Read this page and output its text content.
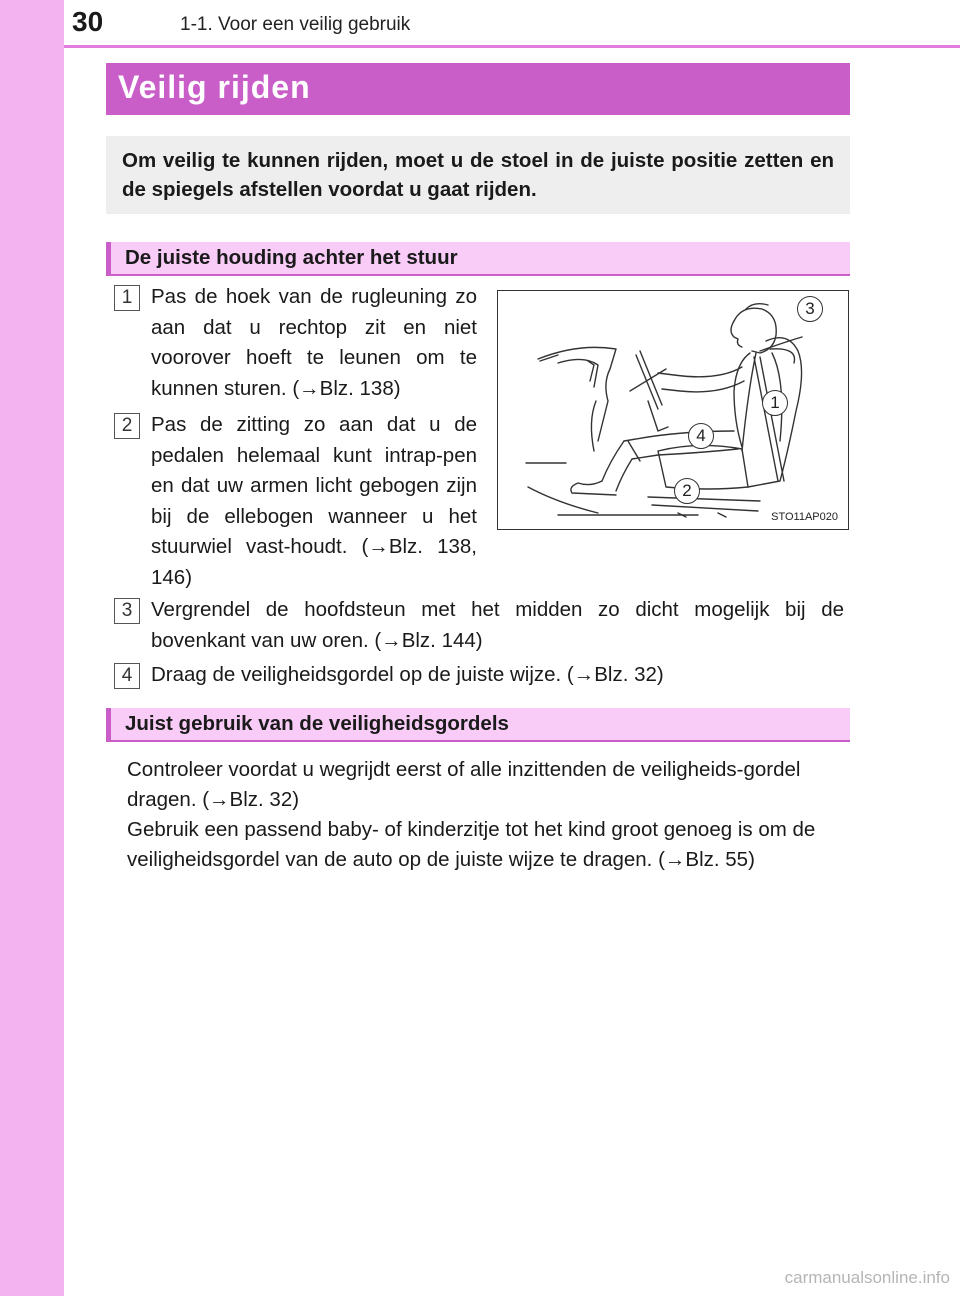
30	1-1. Voor een veilig gebruik
Veilig rijden

Om veilig te kunnen rijden, moet u de stoel in de juiste positie zetten en de spiegels afstellen voordat u gaat rijden.

De juiste houding achter het stuur
1 Pas de hoek van de rugleuning zo aan dat u rechtop zit en niet voorover hoeft te leunen om te kunnen sturen. (→Blz. 138)

2 Pas de zitting zo aan dat u de pedalen helemaal kunt intrap-pen en dat uw armen licht gebogen zijn bij de ellebogen wanneer u het stuurwiel vast-houdt. (→Blz. 138, 146)

3 Vergrendel de hoofdsteun met het midden zo dicht mogelijk bij de bovenkant van uw oren. (→Blz. 144)

4 Draag de veiligheidsgordel op de juiste wijze. (→Blz. 32)

3
1
4
2
STO11AP020
Juist gebruik van de veiligheidsgordels

Controleer voordat u wegrijdt eerst of alle inzittenden de veiligheids-gordel dragen. (→Blz. 32)

Gebruik een passend baby- of kinderzitje tot het kind groot genoeg is om de veiligheidsgordel van de auto op de juiste wijze te dragen. (→Blz. 55)

carmanualsonline.info
